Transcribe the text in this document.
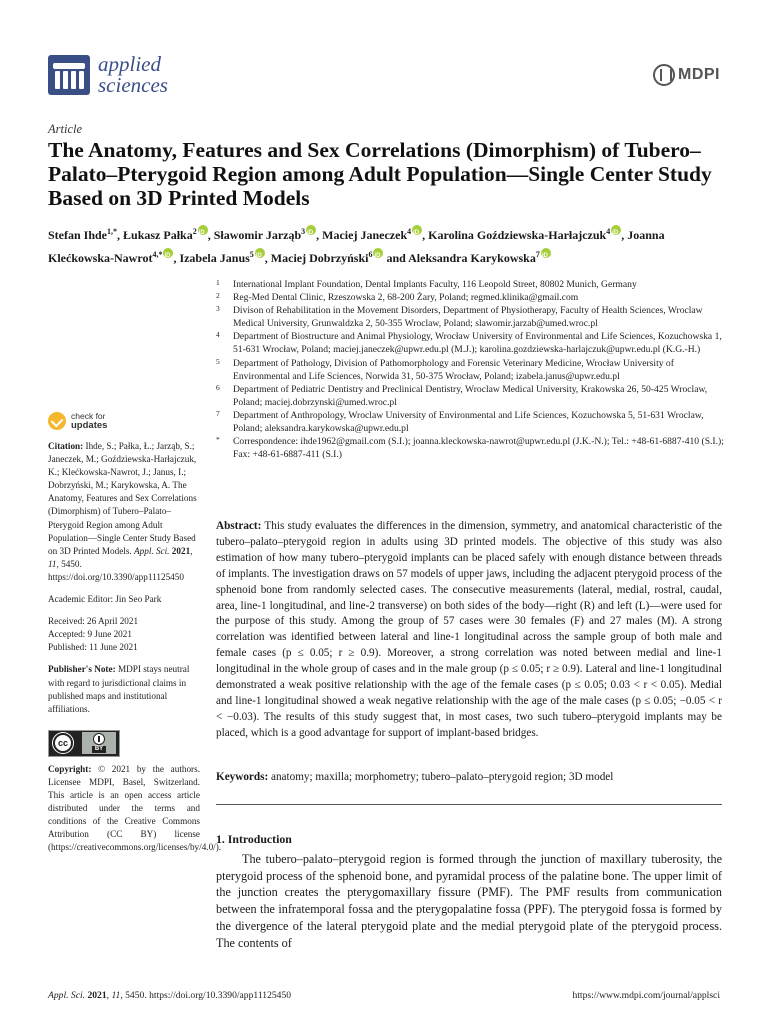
applied
sciences	MDPI
Article
The Anatomy, Features and Sex Correlations (Dimorphism) of Tubero–Palato–Pterygoid Region among Adult Population—Single Center Study Based on 3D Printed Models
Stefan Ihde$^{1,*}$, Łukasz Pałka$^2$ iD , Sławomir Jarząb$^3$ iD , Maciej Janeczek$^4$ iD , Karolina Goździewska-Harłajczuk$^4$ iD , Joanna Klećkowska-Nawrot$^{4,*}$ iD , Izabela Janus$^5$ iD , Maciej Dobrzyński$^6$iD and Aleksandra Karykowska$^7$iD
1	International Implant Foundation, Dental Implants Faculty, 116 Leopold Street, 80802 Munich, Germany
2	Reg-Med Dental Clinic, Rzeszowska 2, 68-200 Żary, Poland; regmed.klinika@gmail.com
3	Divison of Rehabilitation in the Movement Disorders, Department of Physiotherapy, Faculty of Health Sciences, Wroclaw Medical University, Grunwaldzka 2, 50-355 Wroclaw, Poland; slawomir.jarzab@umed.wroc.pl
4	Department of Biostructure and Animal Physiology, Wrocław University of Environmental and Life Sciences, Kozuchowska 1, 51-631 Wrocław, Poland; maciej.janeczek@upwr.edu.pl (M.J.); karolina.gozdziewska-harlajczuk@upwr.edu.pl (K.G.-H.)
5	Department of Pathology, Division of Pathomorphology and Forensic Veterinary Medicine, Wrocław University of Environmental and Life Sciences, Norwida 31, 50-375 Wrocław, Poland; izabela.janus@upwr.edu.pl
6	Department of Pediatric Dentistry and Preclinical Dentistry, Wroclaw Medical University, Krakowska 26, 50-425 Wroclaw, Poland; maciej.dobrzynski@umed.wroc.pl
7	Department of Anthropology, Wroclaw University of Environmental and Life Sciences, Kozuchowska 5, 51-631 Wroclaw, Poland; aleksandra.karykowska@upwr.edu.pl
*	Correspondence: ihde1962@gmail.com (S.I.); joanna.kleckowska-nawrot@upwr.edu.pl (J.K.-N.); Tel.: +48-61-6887-410 (S.I.); Fax: +48-61-6887-411 (S.I.)
check for
updates
Citation: Ihde, S.; Pałka, Ł.; Jarząb, S.; Janeczek, M.; Goździewska-Harłajczuk, K.; Klećkowska-Nawrot, J.; Janus, I.; Dobrzyński, M.; Karykowska, A. The Anatomy, Features and Sex Correlations (Dimorphism) of Tubero–Palato–Pterygoid Region among Adult Population—Single Center Study Based on 3D Printed Models. Appl. Sci. 2021, 11, 5450. https://doi.org/10.3390/app11125450
Academic Editor: Jin Seo Park
Received: 26 April 2021
Accepted: 9 June 2021
Published: 11 June 2021
Publisher's Note: MDPI stays neutral with regard to jurisdictional claims in published maps and institutional affiliations.
cc
BY
Copyright: © 2021 by the authors. Licensee MDPI, Basel, Switzerland. This article is an open access article distributed under the terms and conditions of the Creative Commons Attribution (CC BY) license (https://creativecommons.org/licenses/by/4.0/).
Abstract: This study evaluates the differences in the dimension, symmetry, and anatomical characteristic of the tubero–palato–pterygoid region in adults using 3D printed models. The objective of this study was also estimation of how many tubero–pterygoid implants can be placed safely with enough distance between threads of implants. The investigation draws on 57 models of upper jaws, including the adjacent pterygoid process of the sphenoid bone from randomly selected cases. The consecutive measurements (lateral, medial, rostral, caudal, area, line-1 longitudinal, and line-2 transverse) on both sides of the body—right (R) and left (L)—were used for the purpose of this study. Among the group of 57 cases were 30 females (F) and 27 males (M). A strong correlation was identified between lateral and line-1 longitudinal across the sample group of both male and female cases (p ≤ 0.05; r ≥ 0.9). Moreover, a strong correlation was noted between medial and line-1 longitudinal in the whole group of cases and in the male group (p ≤ 0.05; r ≥ 0.9). Lateral and line-1 longitudinal demonstrated a weak positive relationship with the age of the female cases (p ≤ 0.05; 0.03 < r < 0.05). Medial and line-1 longitudinal showed a weak negative relationship with the age of the male cases (p ≤ 0.05; −0.05 < r < −0.03). The results of this study suggest that, in most cases, two such tubero–pterygoid implants may be placed, which is a good advantage for support of implant-based bridges.
Keywords: anatomy; maxilla; morphometry; tubero–palato–pterygoid region; 3D model
1. Introduction

The tubero–palato–pterygoid region is formed through the junction of maxillary tuberosity, the pterygoid process of the sphenoid bone, and pyramidal process of the palatine bone. The upper limit of the junction creates the pterygomaxillary fissure (PMF). The PMF results from communication between the infratemporal fossa and the pterygopalatine fossa (PPF). The pterygoid fossa is formed by the divergence of the lateral pterygoid plate and the medial pterygoid plate of the pterygoid process. The contents of

Appl. Sci. 2021, 11, 5450. https://doi.org/10.3390/app11125450	https://www.mdpi.com/journal/applsci
